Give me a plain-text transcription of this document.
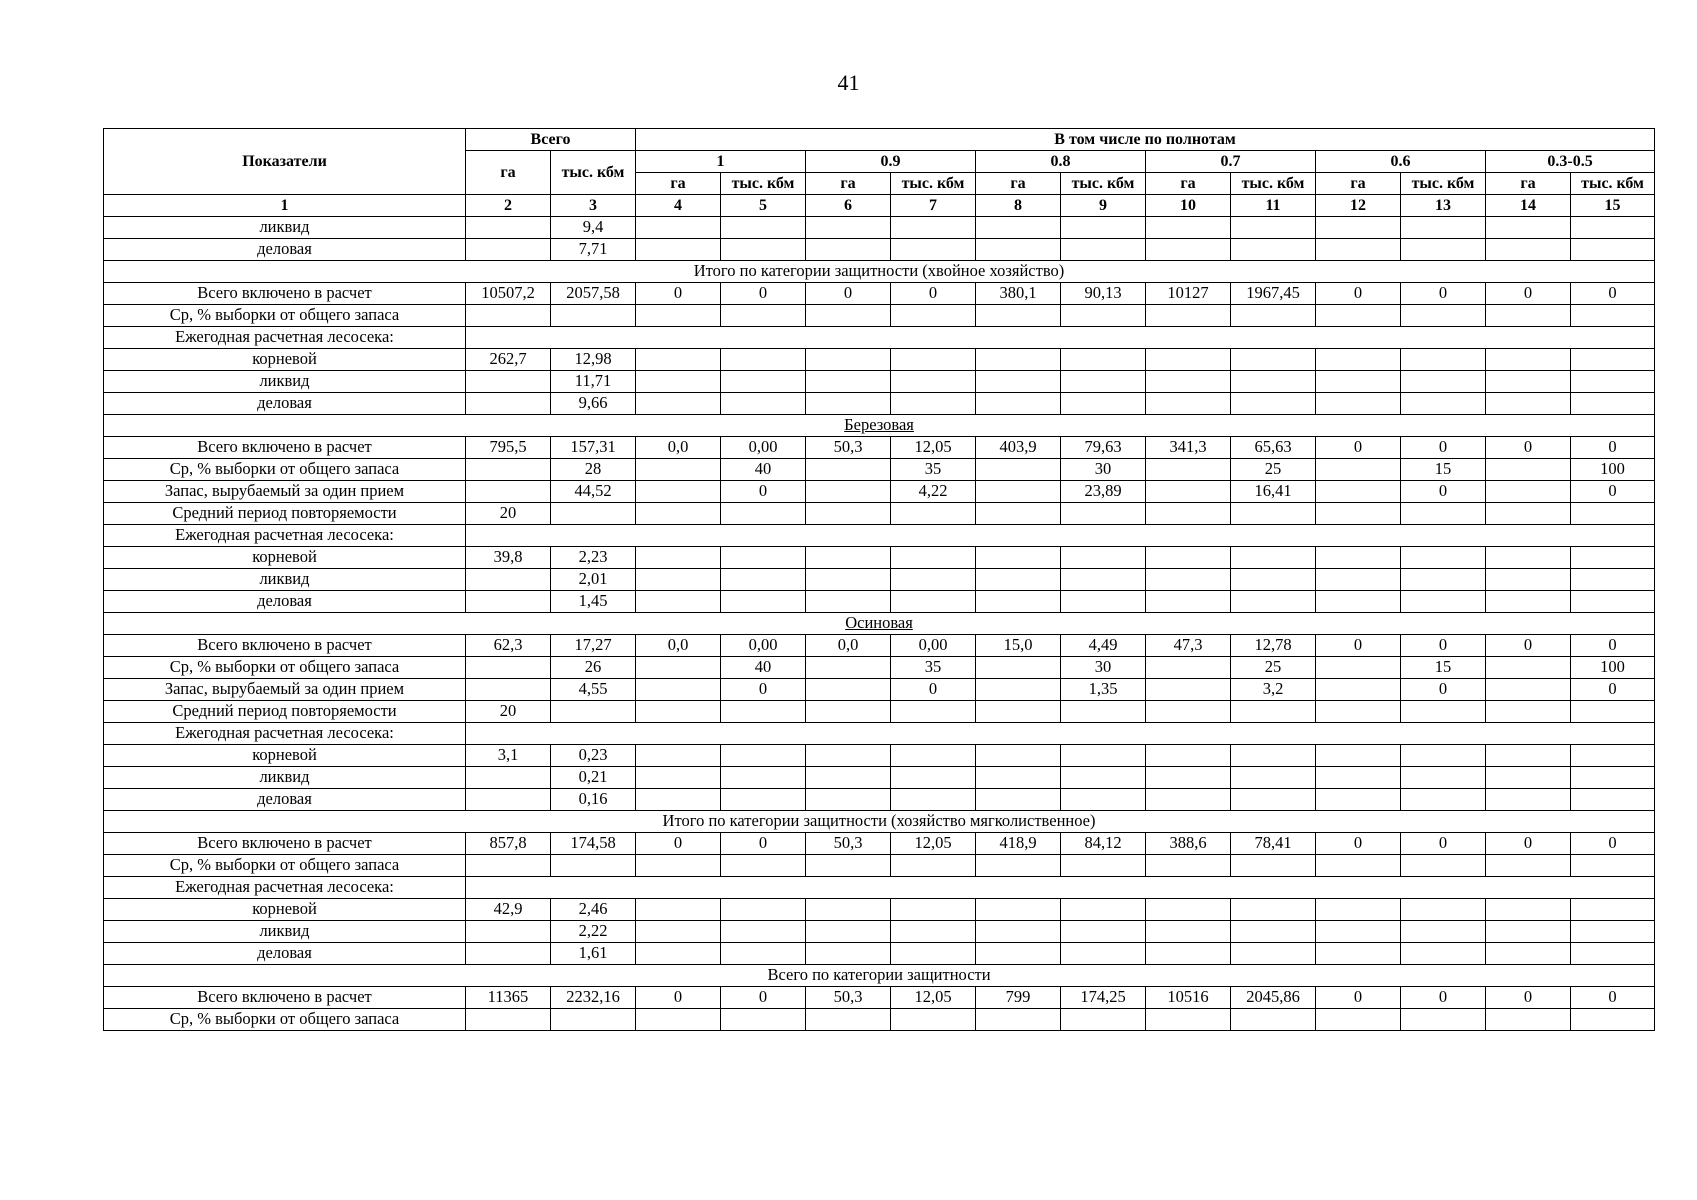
41
Показатели	Всего		В том числе по полнотам											
	га	тыс. кбм	1		0.9		0.8		0.7		0.6		0.3-0.5	
			га	тыс. кбм	га	тыс. кбм	га	тыс. кбм	га	тыс. кбм	га	тыс. кбм	га	тыс. кбм
1	2	3	4	5	6	7	8	9	10	11	12	13	14	15
ликвид		9,4												
деловая		7,71												
Итого по категории защитности (хвойное хозяйство)														
Всего включено в расчет	10507,2	2057,58	0	0	0	0	380,1	90,13	10127	1967,45	0	0	0	0
Ср, % выборки от общего запаса														
Ежегодная расчетная лесосека:														
корневой	262,7	12,98												
ликвид		11,71												
деловая		9,66												
Березовая														
Всего включено в расчет	795,5	157,31	0,0	0,00	50,3	12,05	403,9	79,63	341,3	65,63	0	0	0	0
Ср, % выборки от общего запаса		28		40		35		30		25		15		100
Запас, вырубаемый за один прием		44,52		0		4,22		23,89		16,41		0		0
Средний период повторяемости	20													
Ежегодная расчетная лесосека:														
корневой	39,8	2,23												
ликвид		2,01												
деловая		1,45												
Осиновая														
Всего включено в расчет	62,3	17,27	0,0	0,00	0,0	0,00	15,0	4,49	47,3	12,78	0	0	0	0
Ср, % выборки от общего запаса		26		40		35		30		25		15		100
Запас, вырубаемый за один прием		4,55		0		0		1,35		3,2		0		0
Средний период повторяемости	20													
Ежегодная расчетная лесосека:														
корневой	3,1	0,23												
ликвид		0,21												
деловая		0,16												
Итого по категории защитности (хозяйство мягколиственное)														
Всего включено в расчет	857,8	174,58	0	0	50,3	12,05	418,9	84,12	388,6	78,41	0	0	0	0
Ср, % выборки от общего запаса														
Ежегодная расчетная лесосека:														
корневой	42,9	2,46												
ликвид		2,22												
деловая		1,61												
Всего по категории защитности														
Всего включено в расчет	11365	2232,16	0	0	50,3	12,05	799	174,25	10516	2045,86	0	0	0	0
Ср, % выборки от общего запаса														
